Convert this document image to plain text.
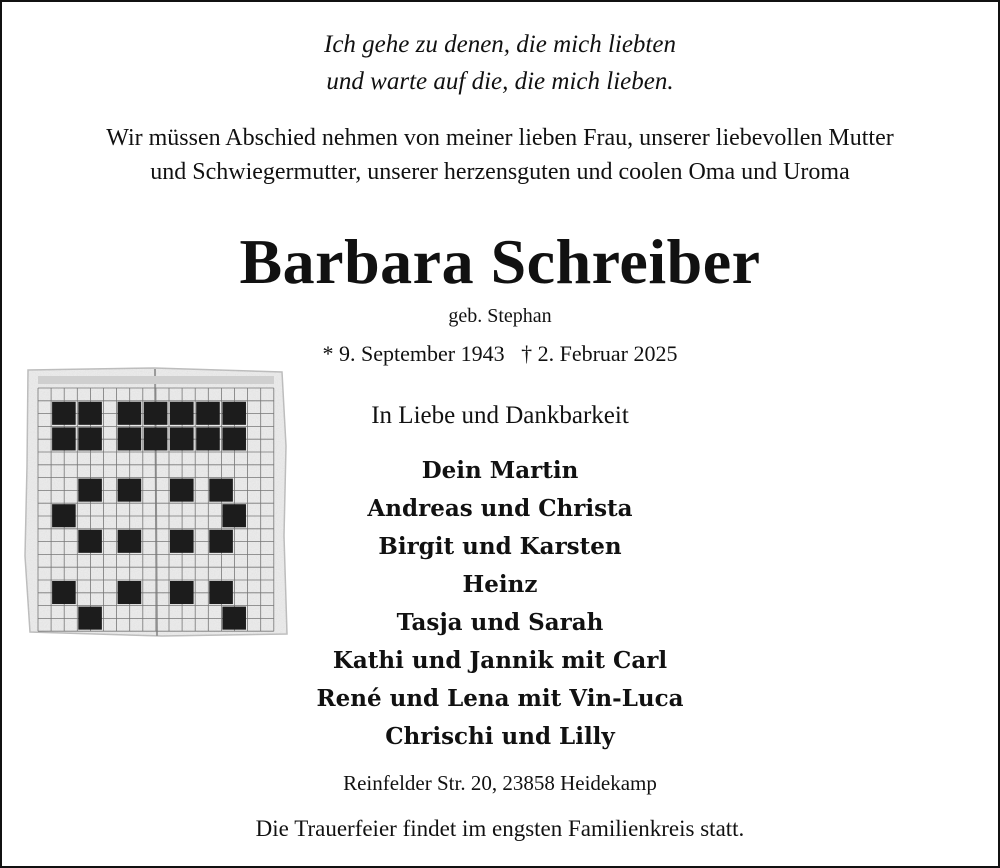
Ich gehe zu denen, die mich liebten
und warte auf die, die mich lieben.
Wir müssen Abschied nehmen von meiner lieben Frau, unserer liebevollen Mutter
und Schwiegermutter, unserer herzensguten und coolen Oma und Uroma
Barbara Schreiber
geb. Stephan
* 9. September 1943   † 2. Februar 2025
In Liebe und Dankbarkeit
Dein Martin
Andreas und Christa
Birgit und Karsten
Heinz
Tasja und Sarah
Kathi und Jannik mit Carl
René und Lena mit Vin-Luca
Chrischi und Lilly
Reinfelder Str. 20, 23858 Heidekamp
Die Trauerfeier findet im engsten Familienkreis statt.
